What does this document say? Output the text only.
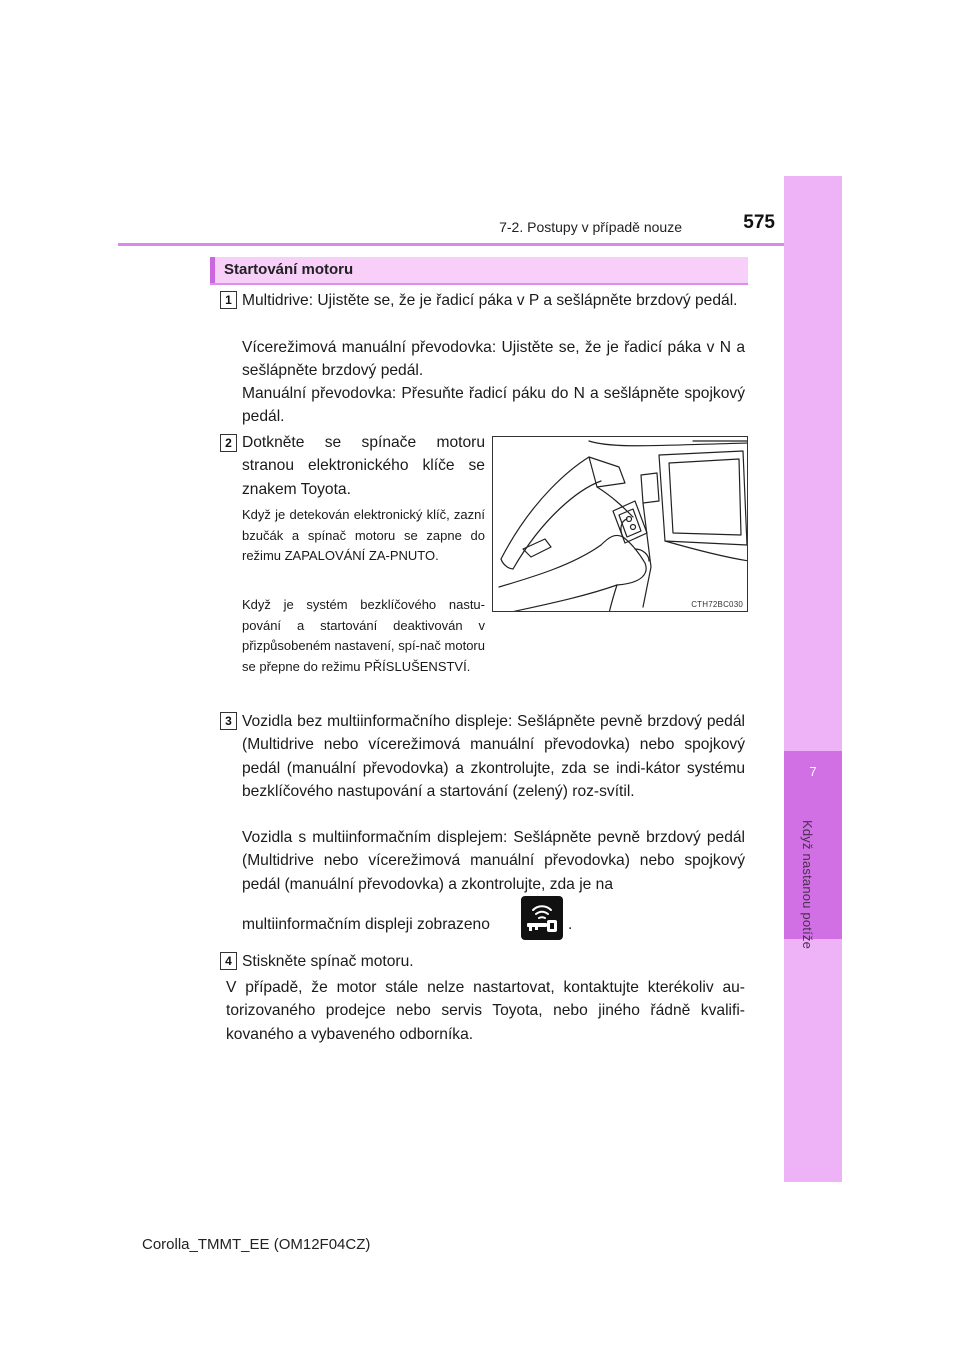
7
Když nastanou potíže
7-2. Postupy v případě nouze	575
Startování motoru
1 Multidrive: Ujistěte se, že je řadicí páka v P a sešlápněte brzdový pedál.
Vícerežimová manuální převodovka: Ujistěte se, že je řadicí páka v N a sešlápněte brzdový pedál.
Manuální převodovka: Přesuňte řadicí páku do N a sešlápněte spojkový pedál.
2 Dotkněte se spínače motoru stranou elektronického klíče se znakem Toyota.
Když je detekován elektronický klíč, zazní bzučák a spínač motoru se zapne do režimu ZAPALOVÁNÍ ZA-PNUTO.
Když je systém bezklíčového nastu-pování a startování deaktivován v přizpůsobeném nastavení, spí-nač motoru se přepne do režimu PŘÍSLUŠENSTVÍ.
CTH72BC030
3 Vozidla bez multiinformačního displeje: Sešlápněte pevně brzdový pedál (Multidrive nebo vícerežimová manuální převodovka) nebo spojkový pedál (manuální převodovka) a zkontrolujte, zda se indi-kátor systému bezklíčového nastupování a startování (zelený) roz-svítil.
Vozidla s multiinformačním displejem: Sešlápněte pevně brzdový pedál (Multidrive nebo vícerežimová manuální převodovka) nebo spojkový pedál (manuální převodovka) a zkontrolujte, zda je na
multiinformačním displeji zobrazeno	.
4 Stiskněte spínač motoru.
V případě, že motor stále nelze nastartovat, kontaktujte kterékoliv au-torizovaného prodejce nebo servis Toyota, nebo jiného řádně kvalifi-kovaného a vybaveného odborníka.
Corolla_TMMT_EE (OM12F04CZ)
